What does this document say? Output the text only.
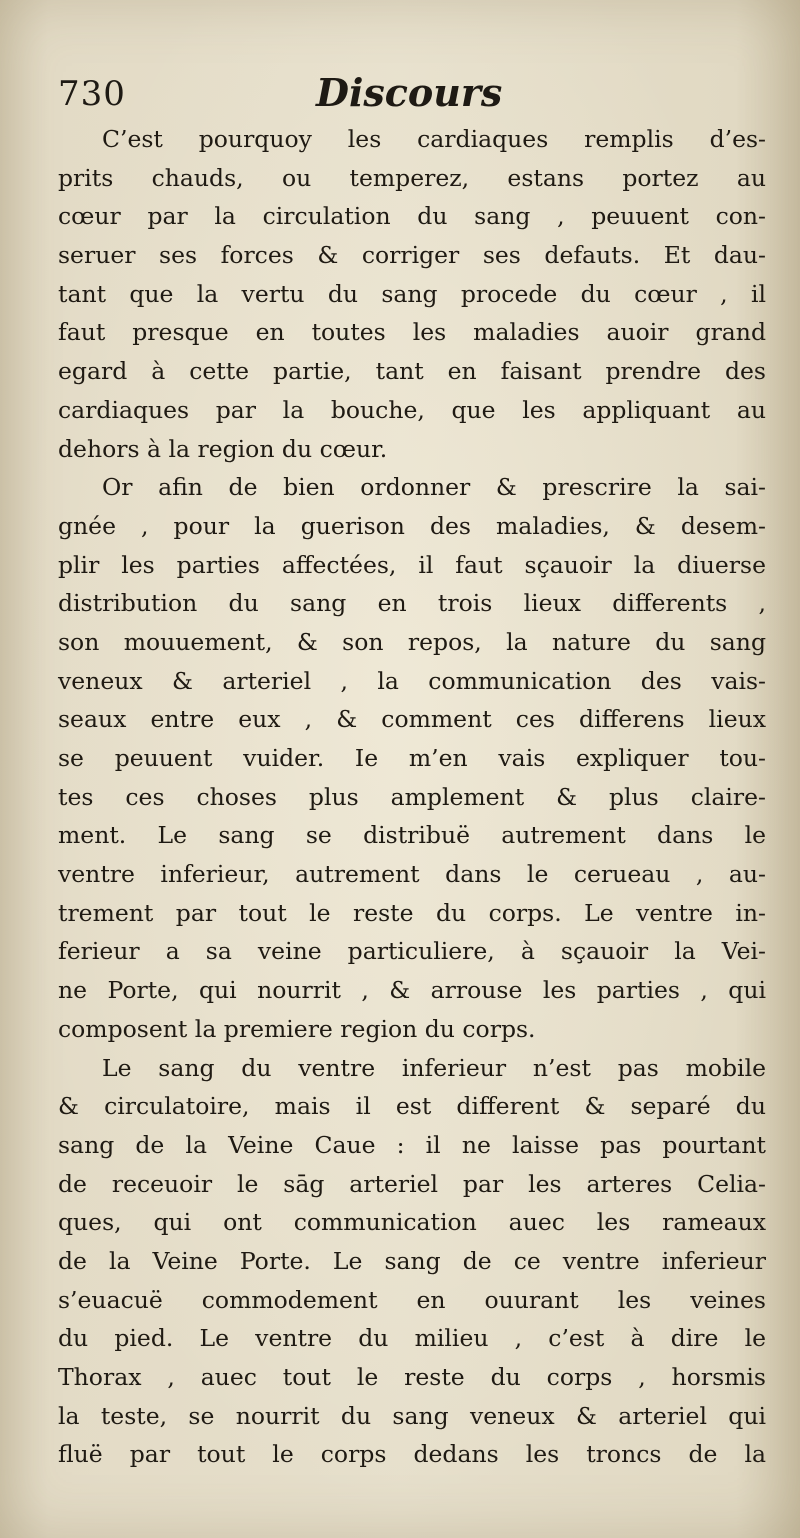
730	Discours
C’est pourquoy les cardiaques remplis d’es-
prits chauds, ou temperez, estans portez au
cœur par la circulation du sang , peuuent con-
seruer ses forces & corriger ses defauts. Et dau-
tant que la vertu du sang procede du cœur , il
faut presque en toutes les maladies auoir grand
egard à cette partie, tant en faisant prendre des
cardiaques par la bouche, que les appliquant au
dehors à la region du cœur.
Or afin de bien ordonner & prescrire la sai-
gnée , pour la guerison des maladies, & desem-
plir les parties affectées, il faut sçauoir la diuerse
distribution du sang en trois lieux differents ,
son mouuement, & son repos, la nature du sang
veneux & arteriel , la communication des vais-
seaux entre eux , & comment ces differens lieux
se peuuent vuider. Ie m’en vais expliquer tou-
tes ces choses plus amplement & plus claire-
ment. Le sang se distribuë autrement dans le
ventre inferieur, autrement dans le cerueau , au-
trement par tout le reste du corps. Le ventre in-
ferieur a sa veine particuliere, à sçauoir la Vei-
ne Porte, qui nourrit , & arrouse les parties , qui
composent la premiere region du corps.
Le sang du ventre inferieur n’est pas mobile
& circulatoire, mais il est different & separé du
sang de la Veine Caue : il ne laisse pas pourtant
de receuoir le sāg arteriel par les arteres Celia-
ques, qui ont communication auec les rameaux
de la Veine Porte. Le sang de ce ventre inferieur
s’euacuë commodement en ouurant les veines
du pied. Le ventre du milieu , c’est à dire le
Thorax , auec tout le reste du corps , horsmis
la teste, se nourrit du sang veneux & arteriel qui
fluë par tout le corps dedans les troncs de la
